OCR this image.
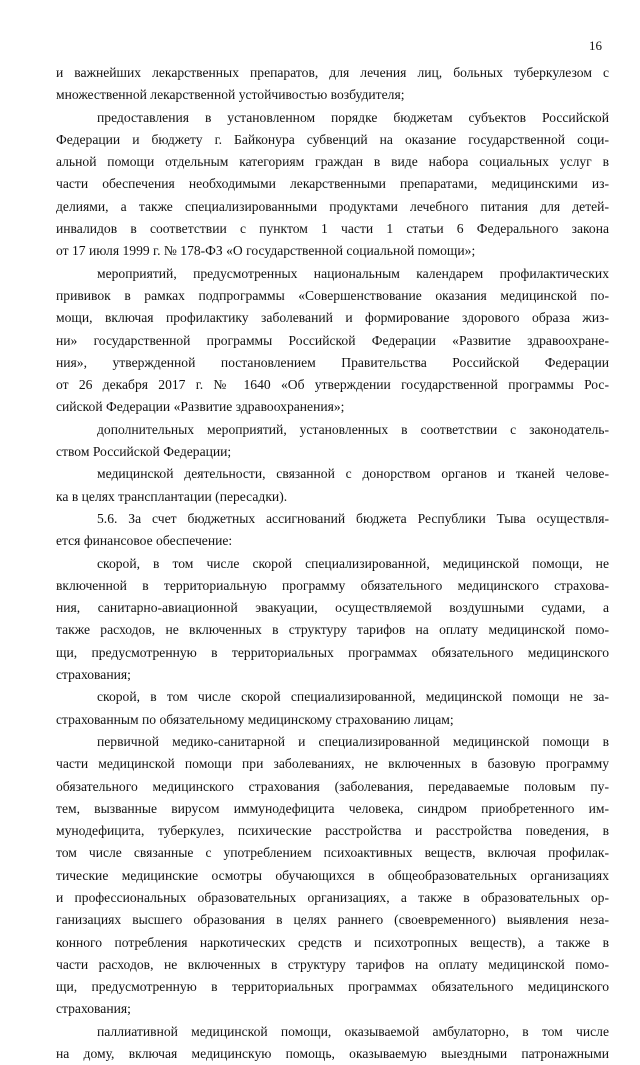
16
и важнейших лекарственных препаратов, для лечения лиц, больных туберкулезом с
множественной лекарственной устойчивостью возбудителя;
предоставления в установленном порядке бюджетам субъектов Российской
Федерации и бюджету г. Байконура субвенций на оказание государственной соци-
альной помощи отдельным категориям граждан в виде набора социальных услуг в
части обеспечения необходимыми лекарственными препаратами, медицинскими из-
делиями, а также специализированными продуктами лечебного питания для детей-
инвалидов в соответствии с пунктом 1 части 1 статьи 6 Федерального закона
от 17 июля 1999 г. № 178-ФЗ «О государственной социальной помощи»;
мероприятий, предусмотренных национальным календарем профилактических
прививок в рамках подпрограммы «Совершенствование оказания медицинской по-
мощи, включая профилактику заболеваний и формирование здорового образа жиз-
ни» государственной программы Российской Федерации «Развитие здравоохране-
ния», утвержденной постановлением Правительства Российской Федерации
от 26 декабря 2017 г. № 1640 «Об утверждении государственной программы Рос-
сийской Федерации «Развитие здравоохранения»;
дополнительных мероприятий, установленных в соответствии с законодатель-
ством Российской Федерации;
медицинской деятельности, связанной с донорством органов и тканей челове-
ка в целях трансплантации (пересадки).
5.6. За счет бюджетных ассигнований бюджета Республики Тыва осуществля-
ется финансовое обеспечение:
скорой, в том числе скорой специализированной, медицинской помощи, не
включенной в территориальную программу обязательного медицинского страхова-
ния, санитарно-авиационной эвакуации, осуществляемой воздушными судами, а
также расходов, не включенных в структуру тарифов на оплату медицинской помо-
щи, предусмотренную в территориальных программах обязательного медицинского
страхования;
скорой, в том числе скорой специализированной, медицинской помощи не за-
страхованным по обязательному медицинскому страхованию лицам;
первичной медико-санитарной и специализированной медицинской помощи в
части медицинской помощи при заболеваниях, не включенных в базовую программу
обязательного медицинского страхования (заболевания, передаваемые половым пу-
тем, вызванные вирусом иммунодефицита человека, синдром приобретенного им-
мунодефицита, туберкулез, психические расстройства и расстройства поведения, в
том числе связанные с употреблением психоактивных веществ, включая профилак-
тические медицинские осмотры обучающихся в общеобразовательных организациях
и профессиональных образовательных организациях, а также в образовательных ор-
ганизациях высшего образования в целях раннего (своевременного) выявления неза-
конного потребления наркотических средств и психотропных веществ), а также в
части расходов, не включенных в структуру тарифов на оплату медицинской помо-
щи, предусмотренную в территориальных программах обязательного медицинского
страхования;
паллиативной медицинской помощи, оказываемой амбулаторно, в том числе
на дому, включая медицинскую помощь, оказываемую выездными патронажными
